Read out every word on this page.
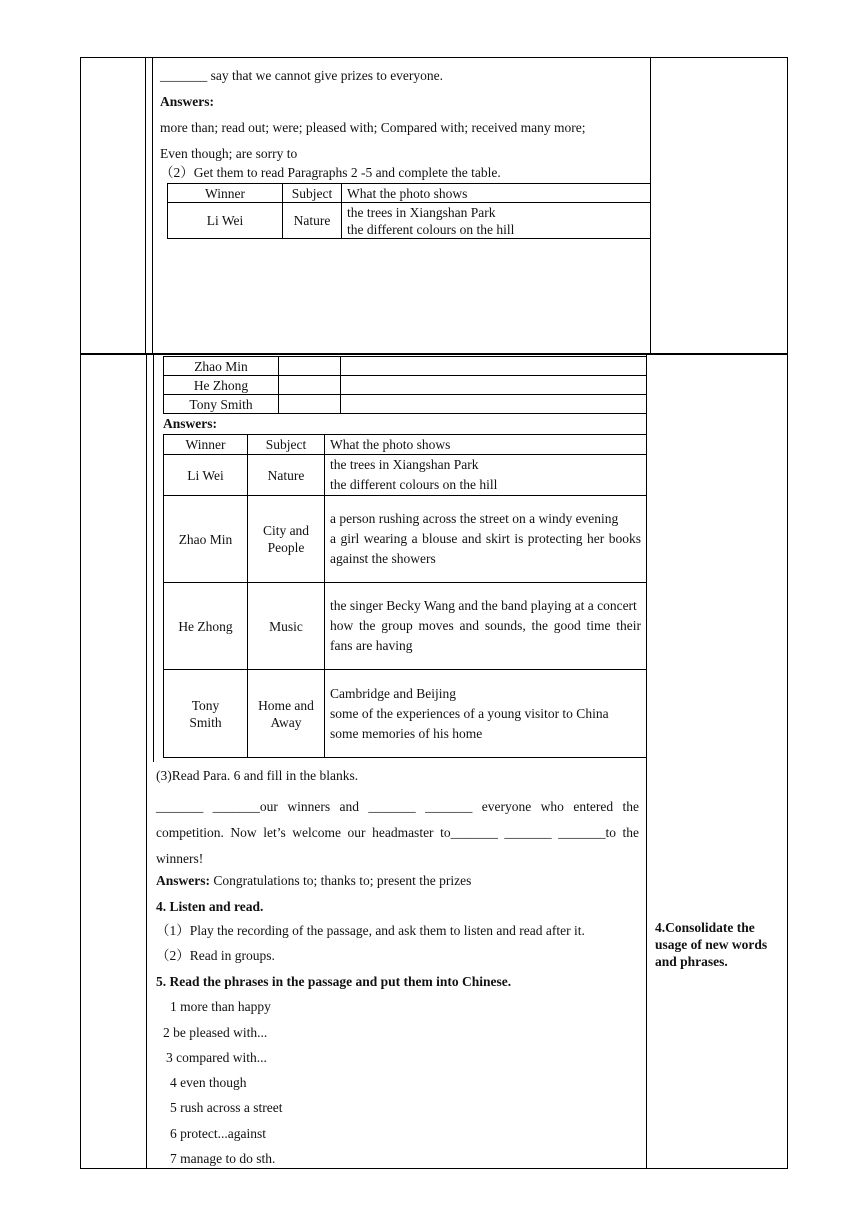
_______ say that we cannot give prizes to everyone.
Answers:
more than; read out; were; pleased with; Compared with; received many more;
Even though; are sorry to
（2）Get them to read Paragraphs 2 -5 and complete the table.
Winner	Subject	What the photo shows
Li Wei	Nature	the trees in Xiangshan Park
the different colours on the hill
Zhao Min		
He Zhong		
Tony Smith		
Answers:
Winner	Subject	What the photo shows
Li Wei	Nature	the trees in Xiangshan Park
the different colours on the hill

Zhao Min	City and People	a person rushing across the street on a windy evening
a girl wearing a blouse and skirt is protecting her books against the showers

He Zhong	Music	the singer Becky Wang and the band playing at a concert
how the group moves and sounds, the good time their fans are having

Tony Smith	Home and Away	Cambridge and Beijing
some of the experiences of a young visitor to China
some memories of his home
(3)Read Para. 6 and fill in the blanks.
_______ _______our winners and _______ _______ everyone who entered the competition. Now let’s welcome our headmaster to_______ _______ _______to the winners!
Answers: Congratulations to; thanks to; present the prizes
4. Listen and read.
（1）Play the recording of the passage, and ask them to listen and read after it.
（2）Read in groups.
5. Read the phrases in the passage and put them into Chinese.
1 more than happy
2 be pleased with...
3 compared with...
4 even though
5 rush across a street
6 protect...against
7 manage to do sth.
4.Consolidate the usage of new words and phrases.
